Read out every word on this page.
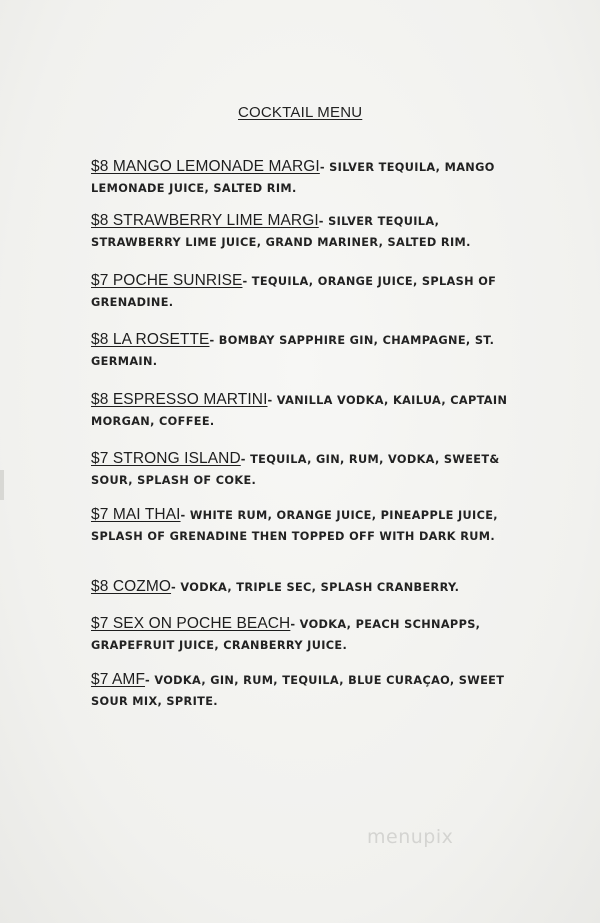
COCKTAIL MENU
$8 MANGO LEMONADE MARGI- SILVER TEQUILA, MANGO LEMONADE JUICE, SALTED RIM.
$8 STRAWBERRY LIME MARGI- SILVER TEQUILA, STRAWBERRY LIME JUICE, GRAND MARINER, SALTED RIM.
$7 POCHE SUNRISE- TEQUILA, ORANGE JUICE, SPLASH OF GRENADINE.
$8 LA ROSETTE- BOMBAY SAPPHIRE GIN, CHAMPAGNE, ST. GERMAIN.
$8 ESPRESSO MARTINI- VANILLA VODKA, KAILUA, CAPTAIN MORGAN, COFFEE.
$7 STRONG ISLAND- TEQUILA, GIN, RUM, VODKA, SWEET& SOUR, SPLASH OF COKE.
$7 MAI THAI- WHITE RUM, ORANGE JUICE, PINEAPPLE JUICE, SPLASH OF GRENADINE THEN TOPPED OFF WITH DARK RUM.
$8 COZMO- VODKA, TRIPLE SEC, SPLASH CRANBERRY.
$7 SEX ON POCHE BEACH- VODKA, PEACH SCHNAPPS, GRAPEFRUIT JUICE, CRANBERRY JUICE.
$7 AMF- VODKA, GIN, RUM, TEQUILA, BLUE CURAÇAO, SWEET SOUR MIX, SPRITE.
menupix
